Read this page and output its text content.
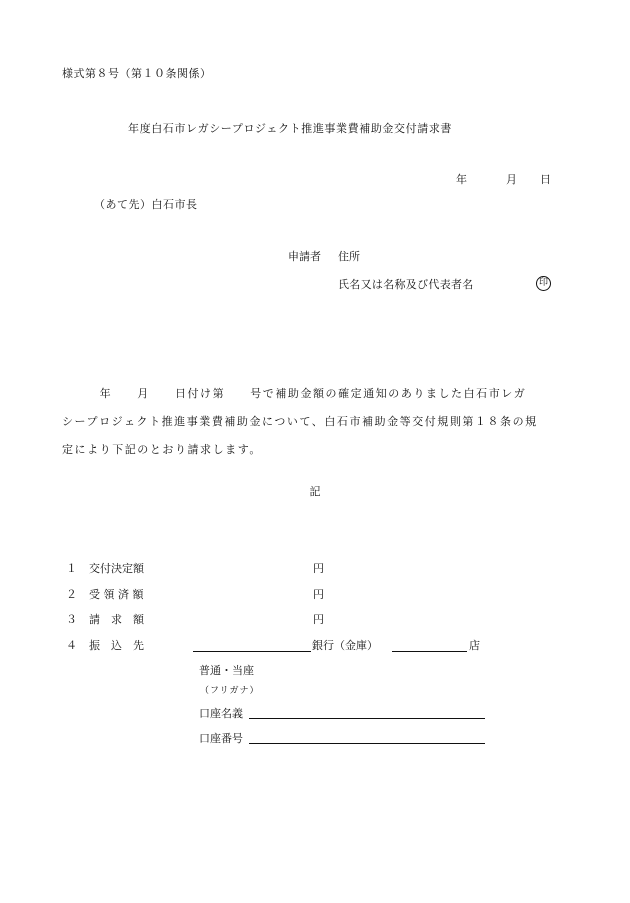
様式第８号（第１０条関係）
年度白石市レガシープロジェクト推進事業費補助金交付請求書
年	月 日
（あて先）白石市長
申請者 住所
氏名又は名称及び代表者名	印
　　　年　　月　　日付け第　　号で補助金額の確定通知のありました白石市レガ
シープロジェクト推進事業費補助金について、白石市補助金等交付規則第１８条の規
定により下記のとおり請求します。
記
１ 交付決定額	円
２ 受 領 済 額	円
３ 請　求　額	円
４ 振　込　先	銀行（金庫）	店
普通・当座
（フリガナ）
口座名義
口座番号
